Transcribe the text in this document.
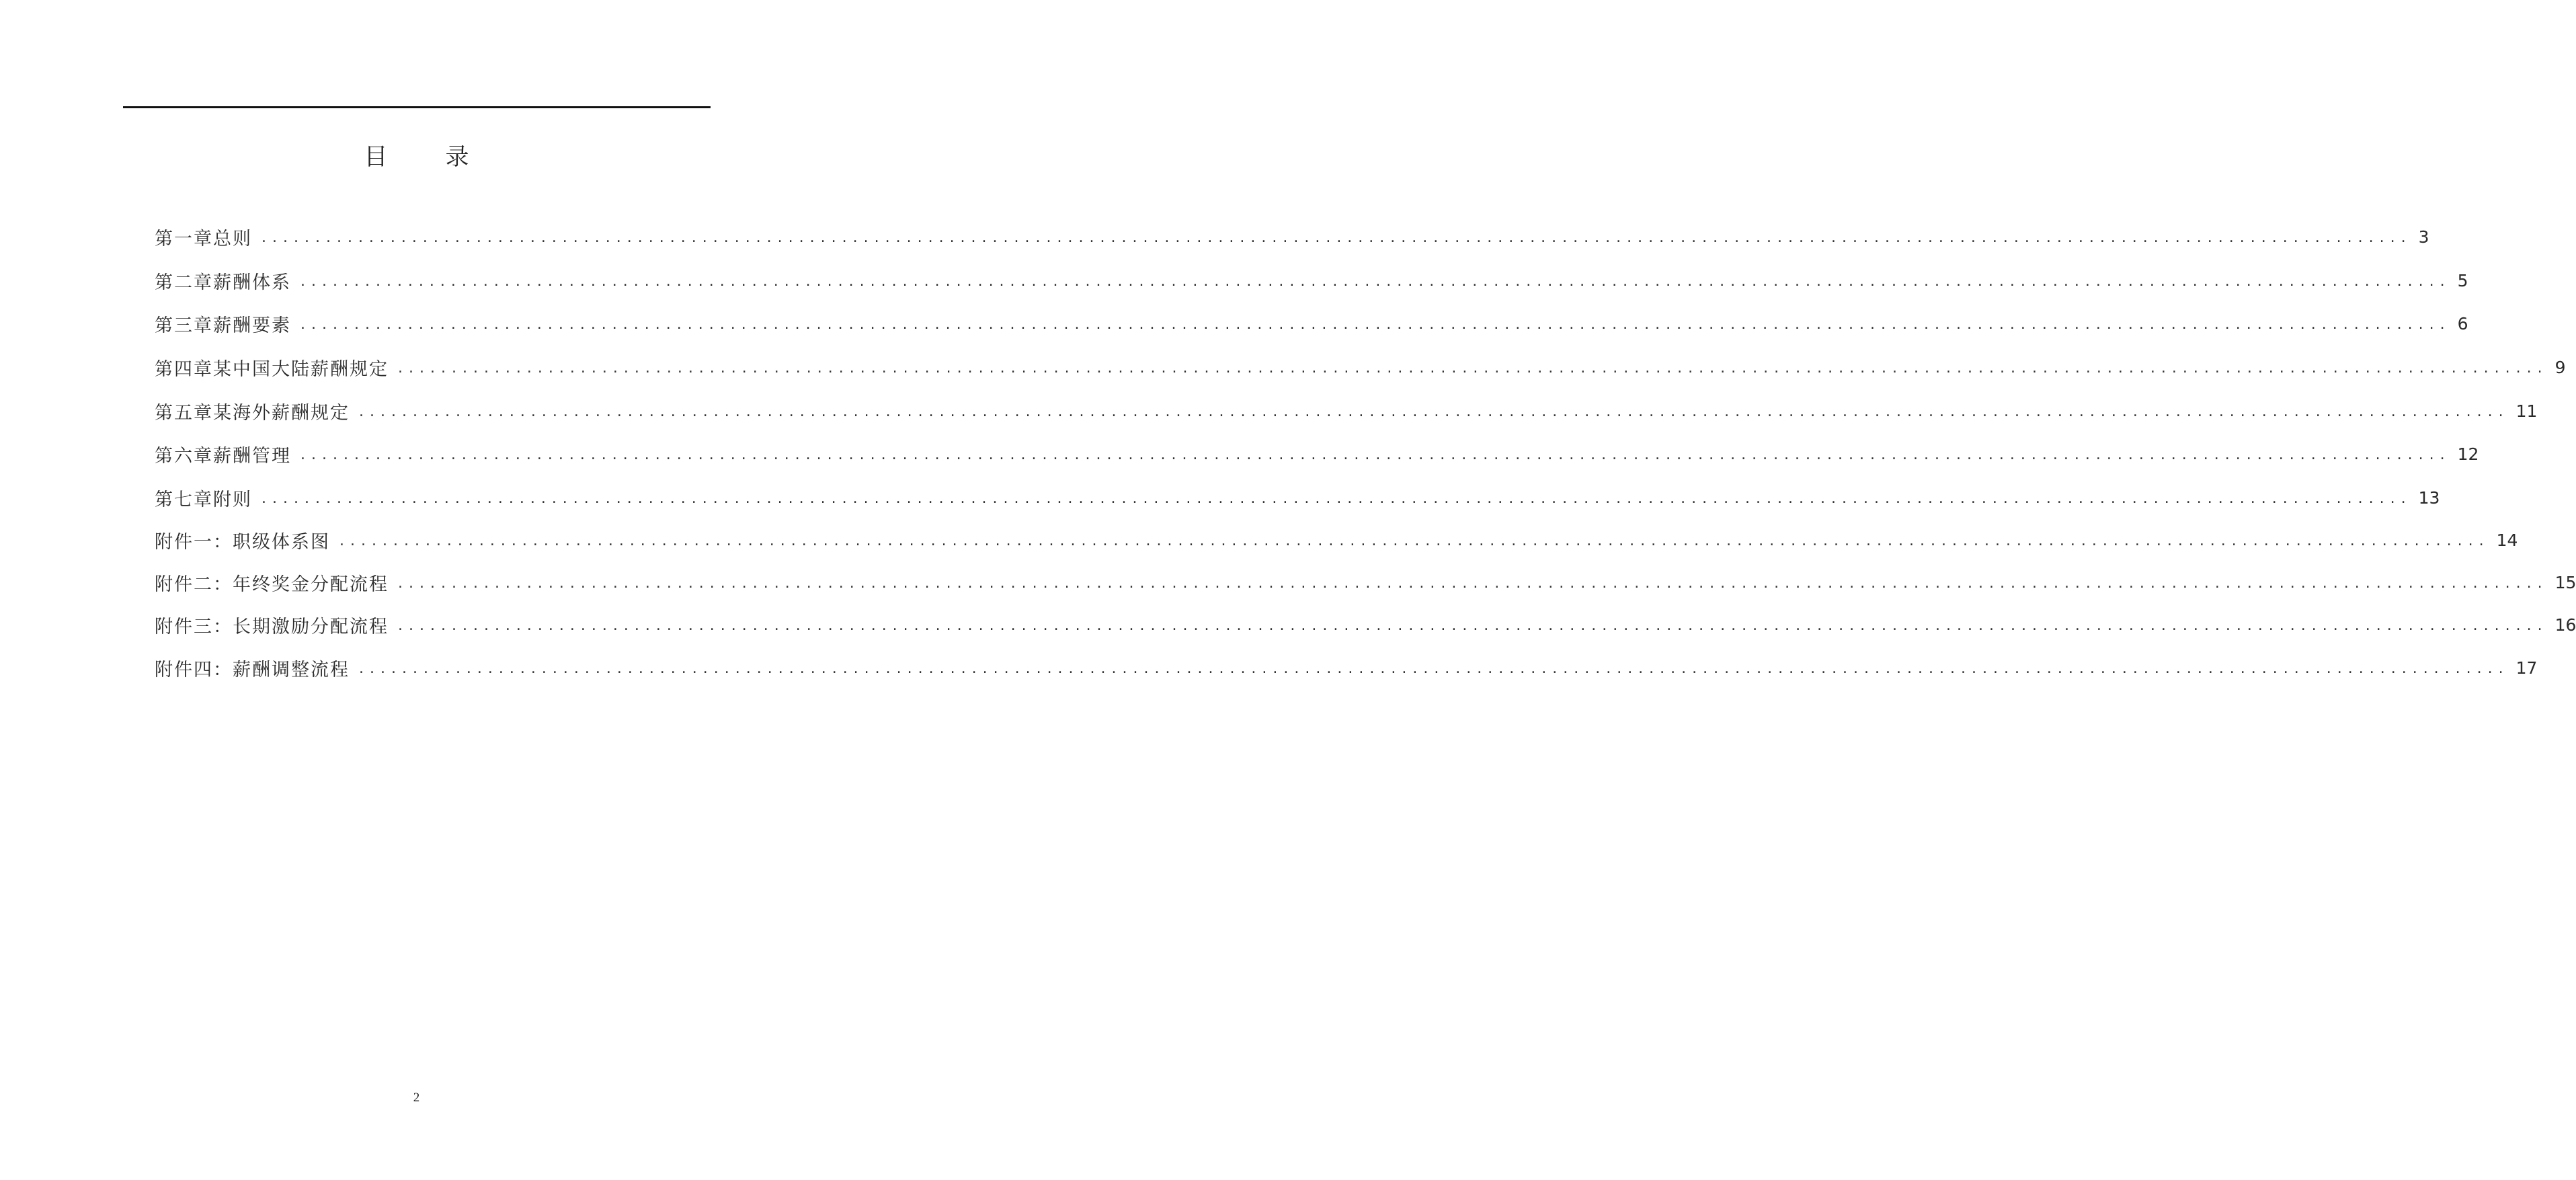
目录
第一章总则 ........................................................................................................................................................................................................ 3
第二章薪酬体系 ........................................................................................................................................................................................................ 5
第三章薪酬要素 ........................................................................................................................................................................................................ 6
第四章某中国大陆薪酬规定 ........................................................................................................................................................................................................ 9
第五章某海外薪酬规定 ........................................................................................................................................................................................................ 11
第六章薪酬管理 ........................................................................................................................................................................................................ 12
第七章附则 ........................................................................................................................................................................................................ 13
附件一：职级体系图 ........................................................................................................................................................................................................ 14
附件二：年终奖金分配流程 ........................................................................................................................................................................................................ 15
附件三：长期激励分配流程 ........................................................................................................................................................................................................ 16
附件四：薪酬调整流程 ........................................................................................................................................................................................................ 17
2
